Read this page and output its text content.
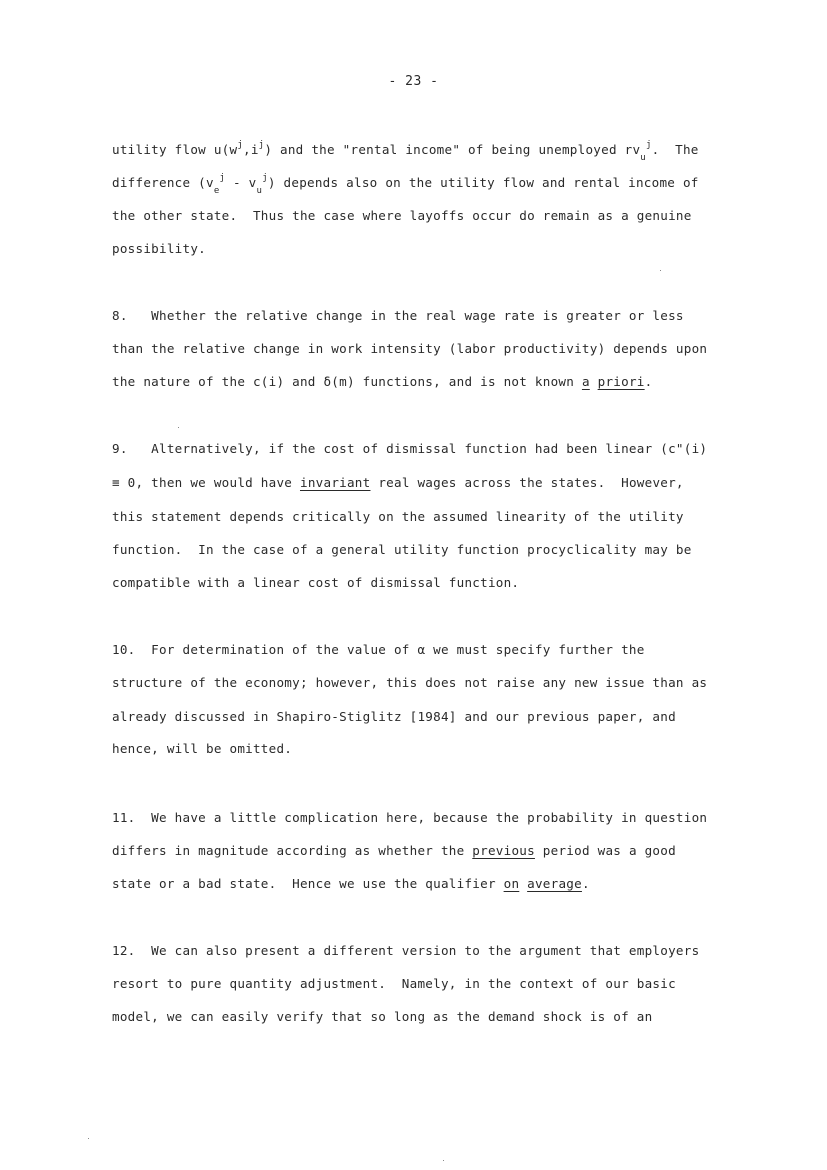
- 23 -
utility flow $u(w^j,i^j)$ and the "rental income" of being unemployed $rv_u^j$.  The
difference $(v_e^j - v_u^j)$ depends also on the utility flow and rental income of
the other state.  Thus the case where layoffs occur do remain as a genuine
possibility.
8.   Whether the relative change in the real wage rate is greater or less
than the relative change in work intensity (labor productivity) depends upon
the nature of the c(i) and δ(m) functions, and is not known a priori.
9.   Alternatively, if the cost of dismissal function had been linear (c"(i)
≡ 0, then we would have invariant real wages across the states.  However,
this statement depends critically on the assumed linearity of the utility
function.  In the case of a general utility function procyclicality may be
compatible with a linear cost of dismissal function.
10.  For determination of the value of α we must specify further the
structure of the economy; however, this does not raise any new issue than as
already discussed in Shapiro-Stiglitz [1984] and our previous paper, and
hence, will be omitted.
11.  We have a little complication here, because the probability in question
differs in magnitude according as whether the previous period was a good
state or a bad state.  Hence we use the qualifier on average.
12.  We can also present a different version to the argument that employers
resort to pure quantity adjustment.  Namely, in the context of our basic
model, we can easily verify that so long as the demand shock is of an
